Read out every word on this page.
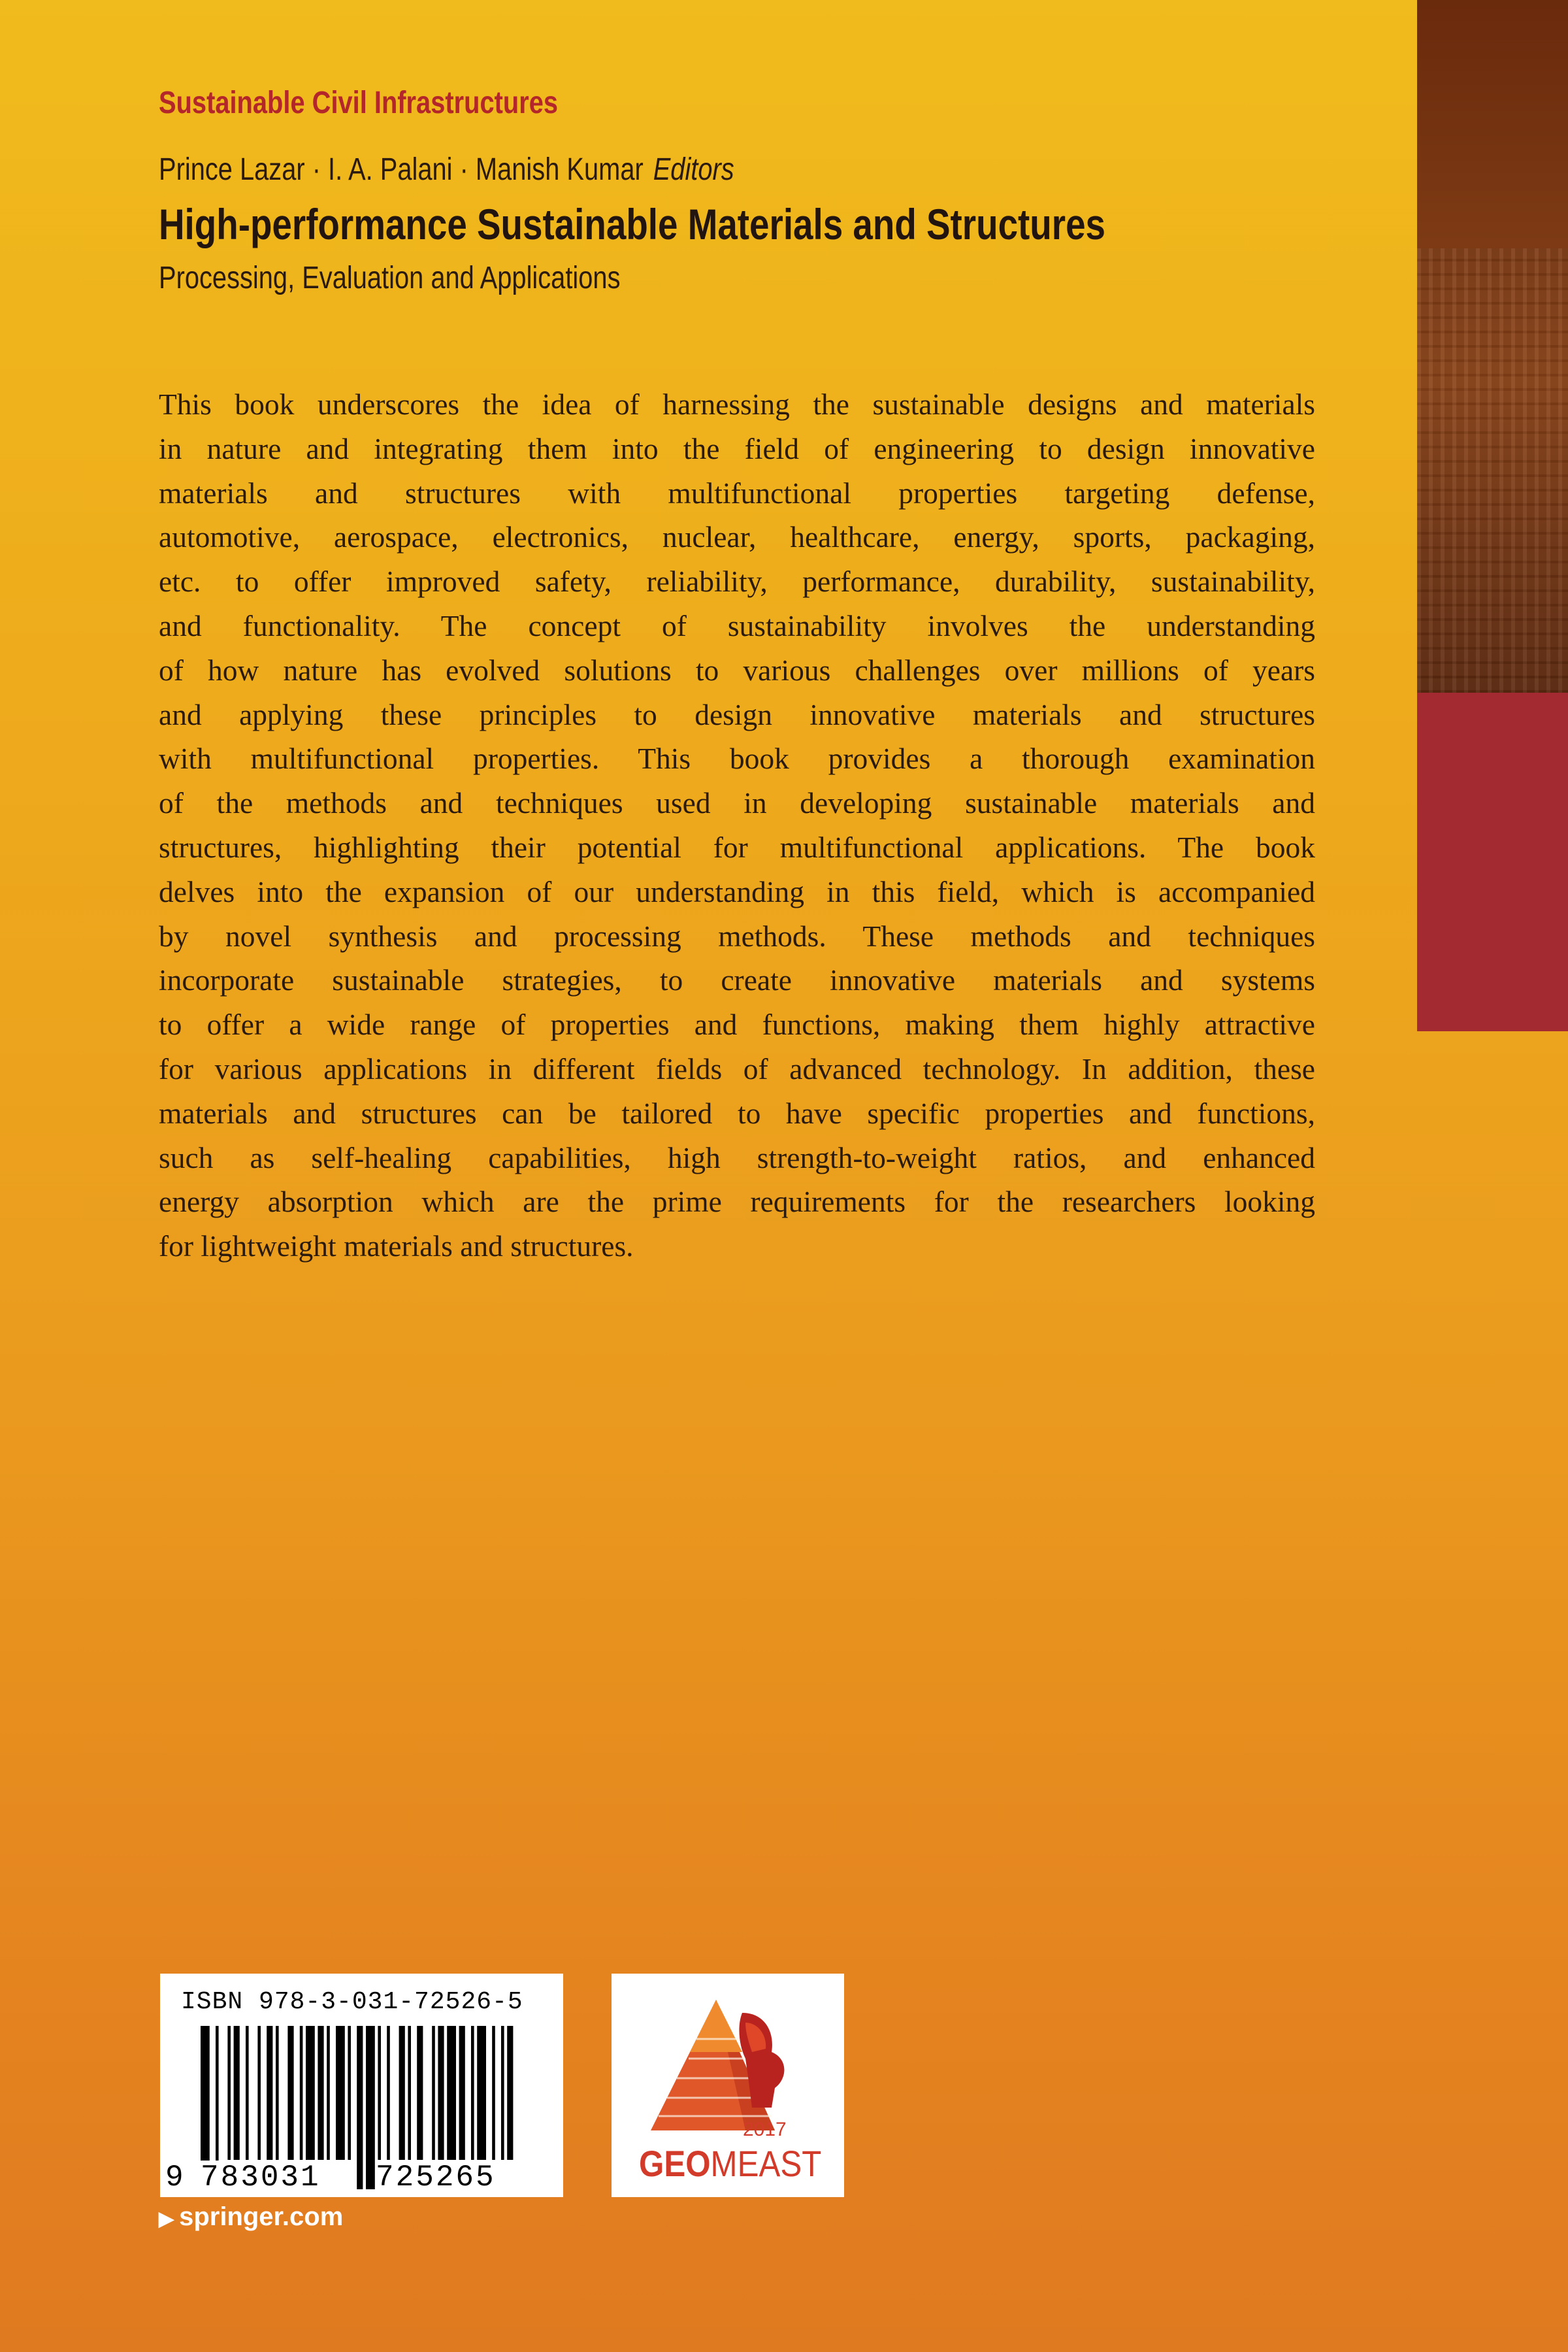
Sustainable Civil Infrastructures
Prince Lazar · I. A. Palani · Manish Kumar Editors
High-performance Sustainable Materials and Structures
Processing, Evaluation and Applications
This book underscores the idea of harnessing the sustainable designs and materials
in nature and integrating them into the field of engineering to design innovative
materials and structures with multifunctional properties targeting defense,
automotive, aerospace, electronics, nuclear, healthcare, energy, sports, packaging,
etc. to offer improved safety, reliability, performance, durability, sustainability,
and functionality. The concept of sustainability involves the understanding
of how nature has evolved solutions to various challenges over millions of years
and applying these principles to design innovative materials and structures
with multifunctional properties. This book provides a thorough examination
of the methods and techniques used in developing sustainable materials and
structures, highlighting their potential for multifunctional applications. The book
delves into the expansion of our understanding in this field, which is accompanied
by novel synthesis and processing methods. These methods and techniques
incorporate sustainable strategies, to create innovative materials and systems
to offer a wide range of properties and functions, making them highly attractive
for various applications in different fields of advanced technology. In addition, these
materials and structures can be tailored to have specific properties and functions,
such as self-healing capabilities, high strength-to-weight ratios, and enhanced
energy absorption which are the prime requirements for the researchers looking
for lightweight materials and structures.
ISBN 978-3-031-72526-5
9 783031 725265
2017
GEOMEAST
▶ springer.com
